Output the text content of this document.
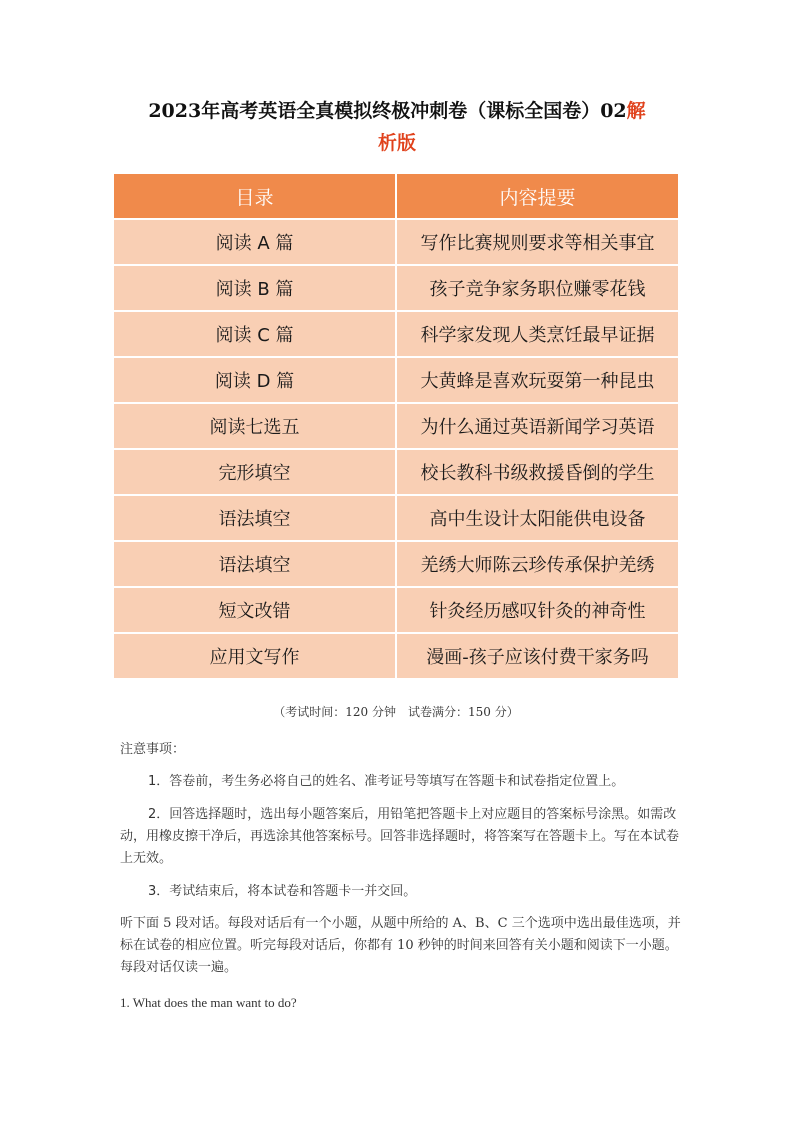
2023年高考英语全真模拟终极冲刺卷（课标全国卷）02解
析版
目录	内容提要
阅读 A 篇	写作比赛规则要求等相关事宜
阅读 B 篇	孩子竞争家务职位赚零花钱
阅读 C 篇	科学家发现人类烹饪最早证据
阅读 D 篇	大黄蜂是喜欢玩耍第一种昆虫
阅读七选五	为什么通过英语新闻学习英语
完形填空	校长教科书级救援昏倒的学生
语法填空	高中生设计太阳能供电设备
语法填空	羌绣大师陈云珍传承保护羌绣
短文改错	针灸经历感叹针灸的神奇性
应用文写作	漫画-孩子应该付费干家务吗
（考试时间：120 分钟　试卷满分：150 分）
注意事项：
1．答卷前，考生务必将自己的姓名、准考证号等填写在答题卡和试卷指定位置上。
2．回答选择题时，选出每小题答案后，用铅笔把答题卡上对应题目的答案标号涂黑。如需改动，用橡皮擦干净后，再选涂其他答案标号。回答非选择题时，将答案写在答题卡上。写在本试卷上无效。
3．考试结束后，将本试卷和答题卡一并交回。
听下面 5 段对话。每段对话后有一个小题，从题中所给的 A、B、C 三个选项中选出最佳选项，并标在试卷的相应位置。听完每段对话后，你都有 10 秒钟的时间来回答有关小题和阅读下一小题。每段对话仅读一遍。
1. What does the man want to do?
